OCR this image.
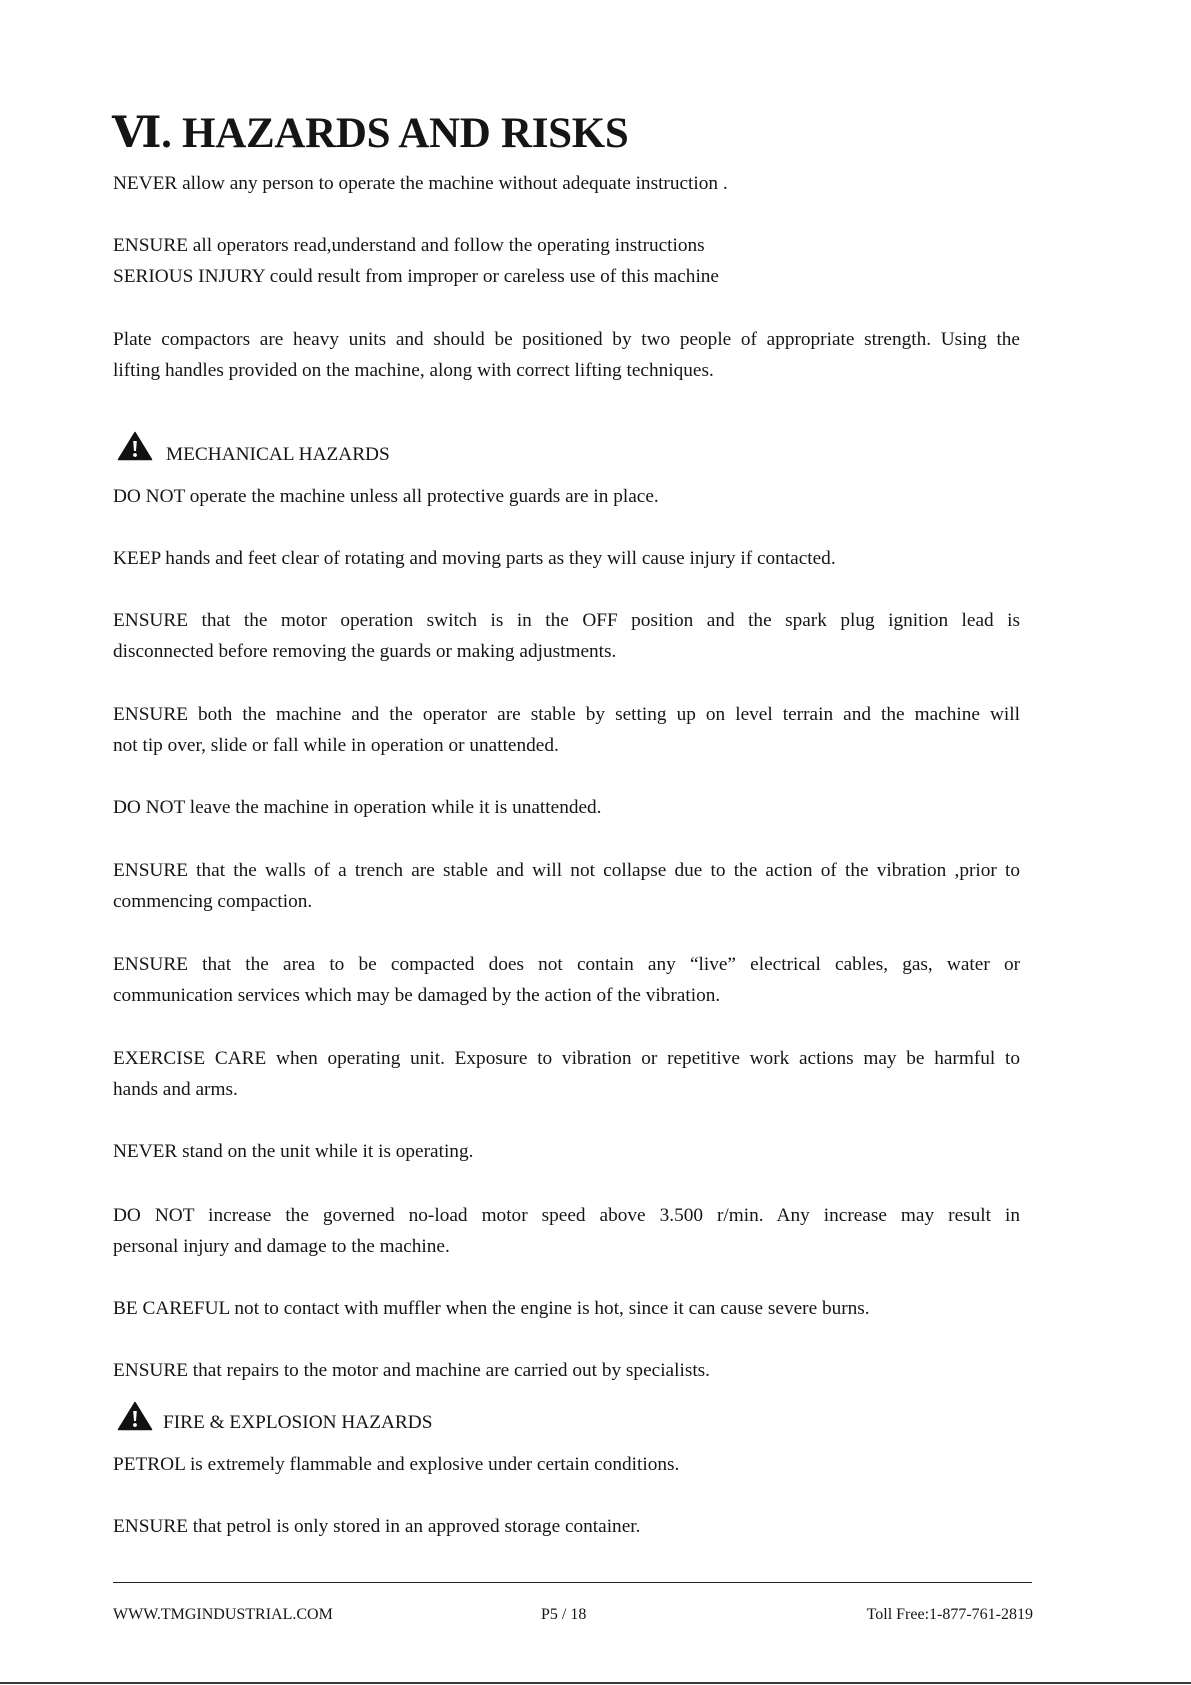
Ⅵ. HAZARDS AND RISKS
NEVER allow any person to operate the machine without adequate instruction .
ENSURE all operators read,understand and follow the operating instructions
SERIOUS INJURY could result from improper or careless use of this machine
Plate compactors are heavy units and should be positioned by two people of appropriate strength. Using the
lifting handles provided on the machine, along with correct lifting techniques.
MECHANICAL HAZARDS
DO NOT operate the machine unless all protective guards are in place.
KEEP hands and feet clear of rotating and moving parts as they will cause injury if contacted.
ENSURE that the motor operation switch is in the OFF position and the spark plug ignition lead is
disconnected before removing the guards or making adjustments.
ENSURE both the machine and the operator are stable by setting up on level terrain and the machine will
not tip over, slide or fall while in operation or unattended.
DO NOT leave the machine in operation while it is unattended.
ENSURE that the walls of a trench are stable and will not collapse due to the action of the vibration ,prior to
commencing compaction.
ENSURE that the area to be compacted does not contain any “live” electrical cables, gas, water or
communication services which may be damaged by the action of the vibration.
EXERCISE CARE when operating unit. Exposure to vibration or repetitive work actions may be harmful to
hands and arms.
NEVER stand on the unit while it is operating.
DO NOT increase the governed no-load motor speed above 3.500 r/min. Any increase may result in
personal injury and damage to the machine.
BE CAREFUL not to contact with muffler when the engine is hot, since it can cause severe burns.
ENSURE that repairs to the motor and machine are carried out by specialists.
FIRE & EXPLOSION HAZARDS
PETROL is extremely flammable and explosive under certain conditions.
ENSURE that petrol is only stored in an approved storage container.
WWW.TMGINDUSTRIAL.COM	P5 / 18	Toll Free:1-877-761-2819
